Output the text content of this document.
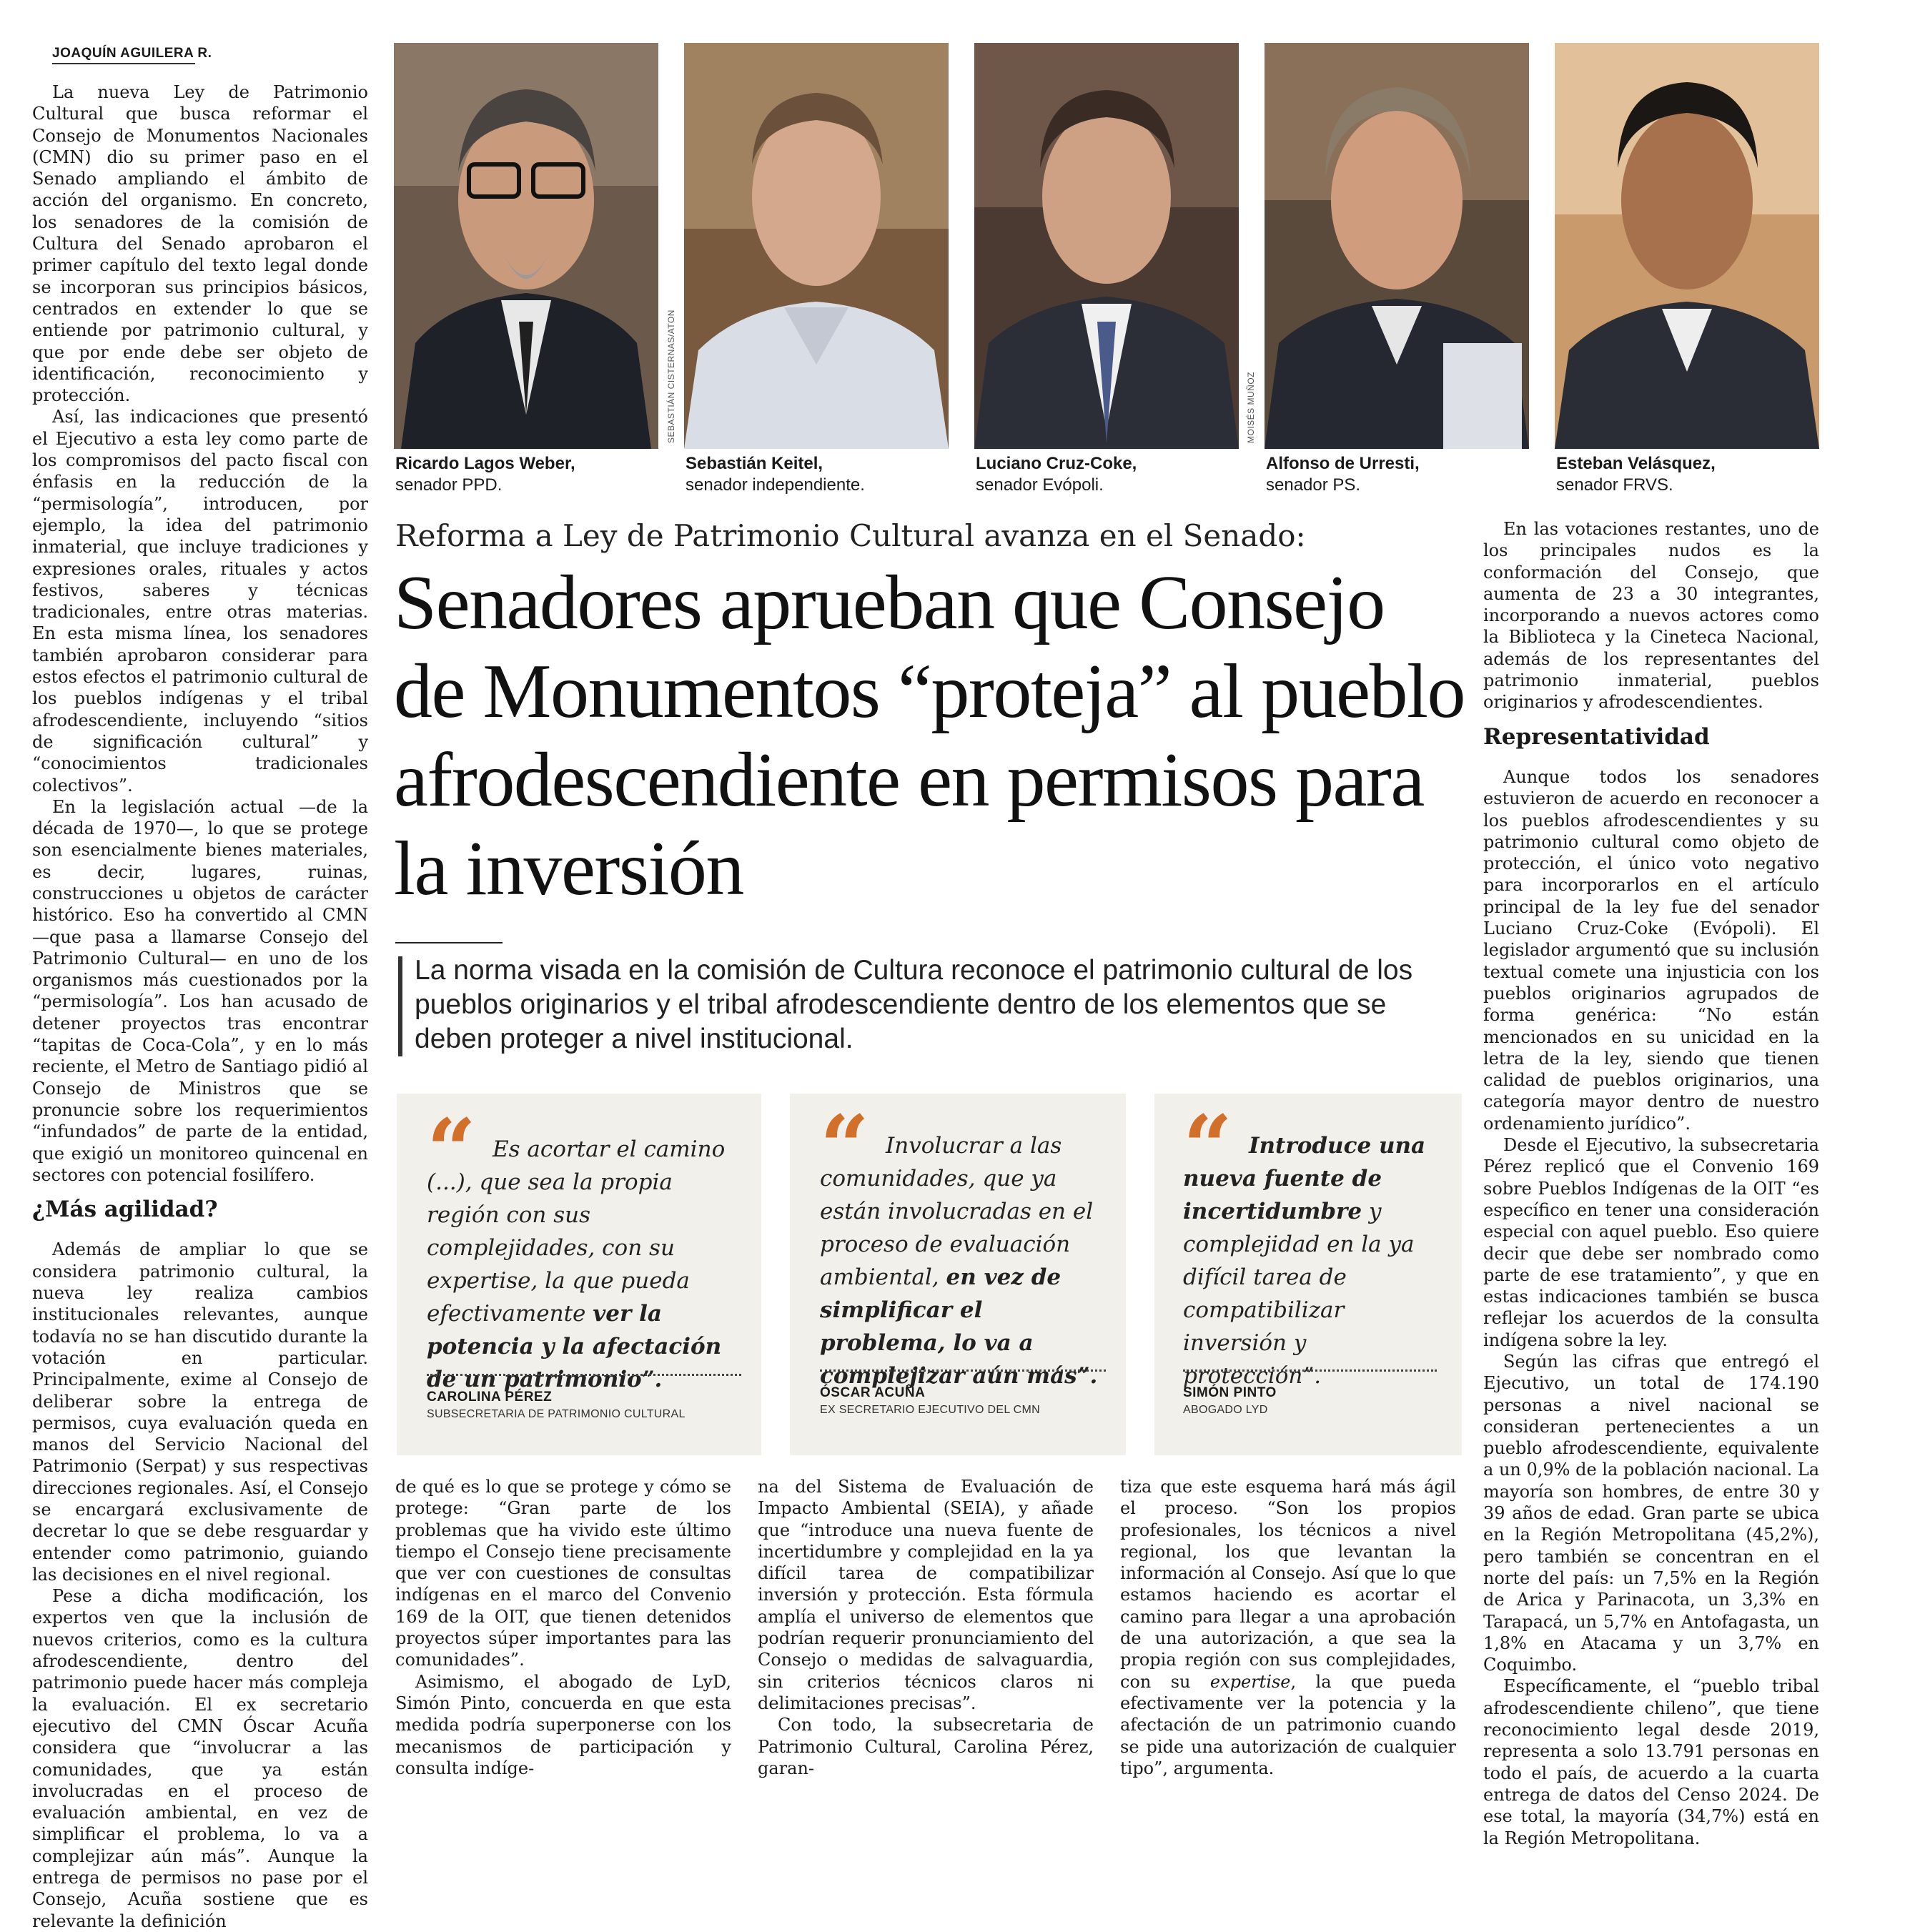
JOAQUÍN AGUILERA R.

La nueva Ley de Patrimonio Cultural que busca reformar el Consejo de Monumentos Nacionales (CMN) dio su primer paso en el Senado ampliando el ámbito de acción del organismo. En concreto, los senadores de la comisión de Cultura del Senado aprobaron el primer capítulo del texto legal donde se incorporan sus principios básicos, centrados en extender lo que se entiende por patrimonio cultural, y que por ende debe ser objeto de identificación, reconocimiento y protección.

Así, las indicaciones que presentó el Ejecutivo a esta ley como parte de los compromisos del pacto fiscal con énfasis en la reducción de la “permisología”, introducen, por ejemplo, la idea del patrimonio inmaterial, que incluye tradiciones y expresiones orales, rituales y actos festivos, saberes y técnicas tradicionales, entre otras materias. En esta misma línea, los senadores también aprobaron considerar para estos efectos el patrimonio cultural de los pueblos indígenas y el tribal afrodescendiente, incluyendo “sitios de significación cultural” y “conocimientos tradicionales colectivos”.

En la legislación actual —de la década de 1970—, lo que se protege son esencialmente bienes materiales, es decir, lugares, ruinas, construcciones u objetos de carácter histórico. Eso ha convertido al CMN —que pasa a llamarse Consejo del Patrimonio Cultural— en uno de los organismos más cuestionados por la “permisología”. Los han acusado de detener proyectos tras encontrar “tapitas de Coca-Cola”, y en lo más reciente, el Metro de Santiago pidió al Consejo de Ministros que se pronuncie sobre los requerimientos “infundados” de parte de la entidad, que exigió un monitoreo quincenal en sectores con potencial fosilífero.

¿Más agilidad?

Además de ampliar lo que se considera patrimonio cultural, la nueva ley realiza cambios institucionales relevantes, aunque todavía no se han discutido durante la votación en particular. Principalmente, exime al Consejo de deliberar sobre la entrega de permisos, cuya evaluación queda en manos del Servicio Nacional del Patrimonio (Serpat) y sus respectivas direcciones regionales. Así, el Consejo se encargará exclusivamente de decretar lo que se debe resguardar y entender como patrimonio, guiando las decisiones en el nivel regional.

Pese a dicha modificación, los expertos ven que la inclusión de nuevos criterios, como es la cultura afrodescendiente, dentro del patrimonio puede hacer más compleja la evaluación. El ex secretario ejecutivo del CMN Óscar Acuña considera que “involucrar a las comunidades, que ya están involucradas en el proceso de evaluación ambiental, en vez de simplificar el problema, lo va a complejizar aún más”. Aunque la entrega de permisos no pase por el Consejo, Acuña sostiene que es relevante la definición

SEBASTIÁN CISTERNAS/ATON	MOISÉS MUÑOZ
Ricardo Lagos Weber,
senador PPD.
Sebastián Keitel,
senador independiente.
Luciano Cruz-Coke,
senador Evópoli.
Alfonso de Urresti,
senador PS.
Esteban Velásquez,
senador FRVS.
Reforma a Ley de Patrimonio Cultural avanza en el Senado:
Senadores aprueban que Consejo de Monumentos “proteja” al pueblo afrodescendiente en permisos para la inversión
La norma visada en la comisión de Cultura reconoce el patrimonio cultural de los pueblos originarios y el tribal afrodescendiente dentro de los elementos que se deben proteger a nivel institucional.
“ Es acortar el camino (...), que sea la propia región con sus complejidades, con su expertise, la que pueda efectivamente ver la potencia y la afectación de un patrimonio”.
CAROLINA PÉREZ
SUBSECRETARIA DE PATRIMONIO CULTURAL
“ Involucrar a las comunidades, que ya están involucradas en el proceso de evaluación ambiental, en vez de simplificar el problema, lo va a complejizar aún más”.
ÓSCAR ACUÑA
EX SECRETARIO EJECUTIVO DEL CMN
“ Introduce una nueva fuente de incertidumbre y complejidad en la ya difícil tarea de compatibilizar inversión y protección”.
SIMÓN PINTO
ABOGADO LYD

de qué es lo que se protege y cómo se protege: “Gran parte de los problemas que ha vivido este último tiempo el Consejo tiene precisamente que ver con cuestiones de consultas indígenas en el marco del Convenio 169 de la OIT, que tienen detenidos proyectos súper importantes para las comunidades”.

Asimismo, el abogado de LyD, Simón Pinto, concuerda en que esta medida podría superponerse con los mecanismos de participación y consulta indíge-

na del Sistema de Evaluación de Impacto Ambiental (SEIA), y añade que “introduce una nueva fuente de incertidumbre y complejidad en la ya difícil tarea de compatibilizar inversión y protección. Esta fórmula amplía el universo de elementos que podrían requerir pronunciamiento del Consejo o medidas de salvaguardia, sin criterios técnicos claros ni delimitaciones precisas”.

Con todo, la subsecretaria de Patrimonio Cultural, Carolina Pérez, garan-

tiza que este esquema hará más ágil el proceso. “Son los propios profesionales, los técnicos a nivel regional, los que levantan la información al Consejo. Así que lo que estamos haciendo es acortar el camino para llegar a una aprobación de una autorización, a que sea la propia región con sus complejidades, con su expertise, la que pueda efectivamente ver la potencia y la afectación de un patrimonio cuando se pide una autorización de cualquier tipo”, argumenta.

En las votaciones restantes, uno de los principales nudos es la conformación del Consejo, que aumenta de 23 a 30 integrantes, incorporando a nuevos actores como la Biblioteca y la Cineteca Nacional, además de los representantes del patrimonio inmaterial, pueblos originarios y afrodescendientes.

Representatividad

Aunque todos los senadores estuvieron de acuerdo en reconocer a los pueblos afrodescendientes y su patrimonio cultural como objeto de protección, el único voto negativo para incorporarlos en el artículo principal de la ley fue del senador Luciano Cruz-Coke (Evópoli). El legislador argumentó que su inclusión textual comete una injusticia con los pueblos originarios agrupados de forma genérica: “No están mencionados en su unicidad en la letra de la ley, siendo que tienen calidad de pueblos originarios, una categoría mayor dentro de nuestro ordenamiento jurídico”.

Desde el Ejecutivo, la subsecretaria Pérez replicó que el Convenio 169 sobre Pueblos Indígenas de la OIT “es específico en tener una consideración especial con aquel pueblo. Eso quiere decir que debe ser nombrado como parte de ese tratamiento”, y que en estas indicaciones también se busca reflejar los acuerdos de la consulta indígena sobre la ley.

Según las cifras que entregó el Ejecutivo, un total de 174.190 personas a nivel nacional se consideran pertenecientes a un pueblo afrodescendiente, equivalente a un 0,9% de la población nacional. La mayoría son hombres, de entre 30 y 39 años de edad. Gran parte se ubica en la Región Metropolitana (45,2%), pero también se concentran en el norte del país: un 7,5% en la Región de Arica y Parinacota, un 3,3% en Tarapacá, un 5,7% en Antofagasta, un 1,8% en Atacama y un 3,7% en Coquimbo.

Específicamente, el “pueblo tribal afrodescendiente chileno”, que tiene reconocimiento legal desde 2019, representa a solo 13.791 personas en todo el país, de acuerdo a la cuarta entrega de datos del Censo 2024. De ese total, la mayoría (34,7%) está en la Región Metropolitana.
